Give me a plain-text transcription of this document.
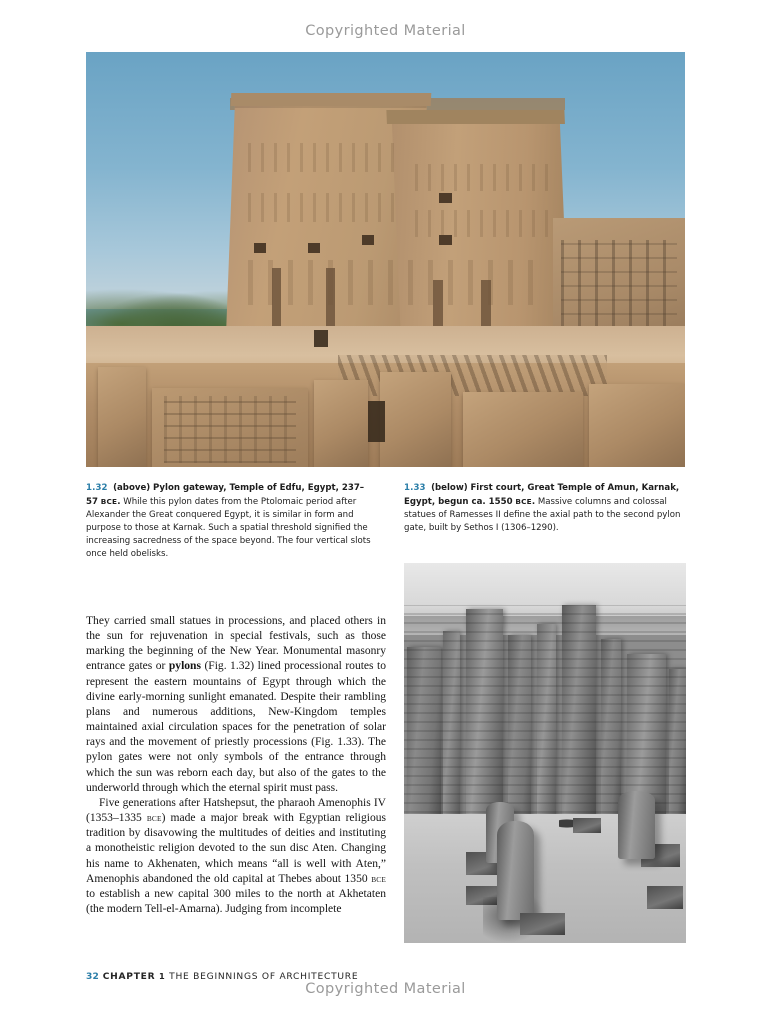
Copyrighted Material
1.32 (above) Pylon gateway, Temple of Edfu, Egypt, 237–57 BCE. While this pylon dates from the Ptolomaic period after Alexander the Great conquered Egypt, it is similar in form and purpose to those at Karnak. Such a spatial threshold signified the increasing sacredness of the space beyond. The four vertical slots once held obelisks.
1.33 (below) First court, Great Temple of Amun, Karnak, Egypt, begun ca. 1550 BCE. Massive columns and colossal statues of Ramesses II define the axial path to the second pylon gate, built by Sethos I (1306–1290).

They carried small statues in processions, and placed others in the sun for rejuvenation in special festivals, such as those marking the beginning of the New Year. Monumental masonry entrance gates or pylons (Fig. 1.32) lined processional routes to represent the eastern mountains of Egypt through which the divine early-morning sunlight emanated. Despite their rambling plans and numerous additions, New-Kingdom temples maintained axial circulation spaces for the penetration of solar rays and the movement of priestly processions (Fig. 1.33). The pylon gates were not only symbols of the entrance through which the sun was reborn each day, but also of the gates to the underworld through which the eternal spirit must pass.

Five generations after Hatshepsut, the pharaoh Amenophis IV (1353–1335 BCE) made a major break with Egyptian religious tradition by disavowing the multitudes of deities and instituting a monotheistic religion devoted to the sun disc Aten. Changing his name to Akhenaten, which means “all is well with Aten,” Amenophis abandoned the old capital at Thebes about 1350 BCE to establish a new capital 300 miles to the north at Akhetaten (the modern Tell-el-Amarna). Judging from incomplete

32 CHAPTER 1 THE BEGINNINGS OF ARCHITECTURE
Copyrighted Material
